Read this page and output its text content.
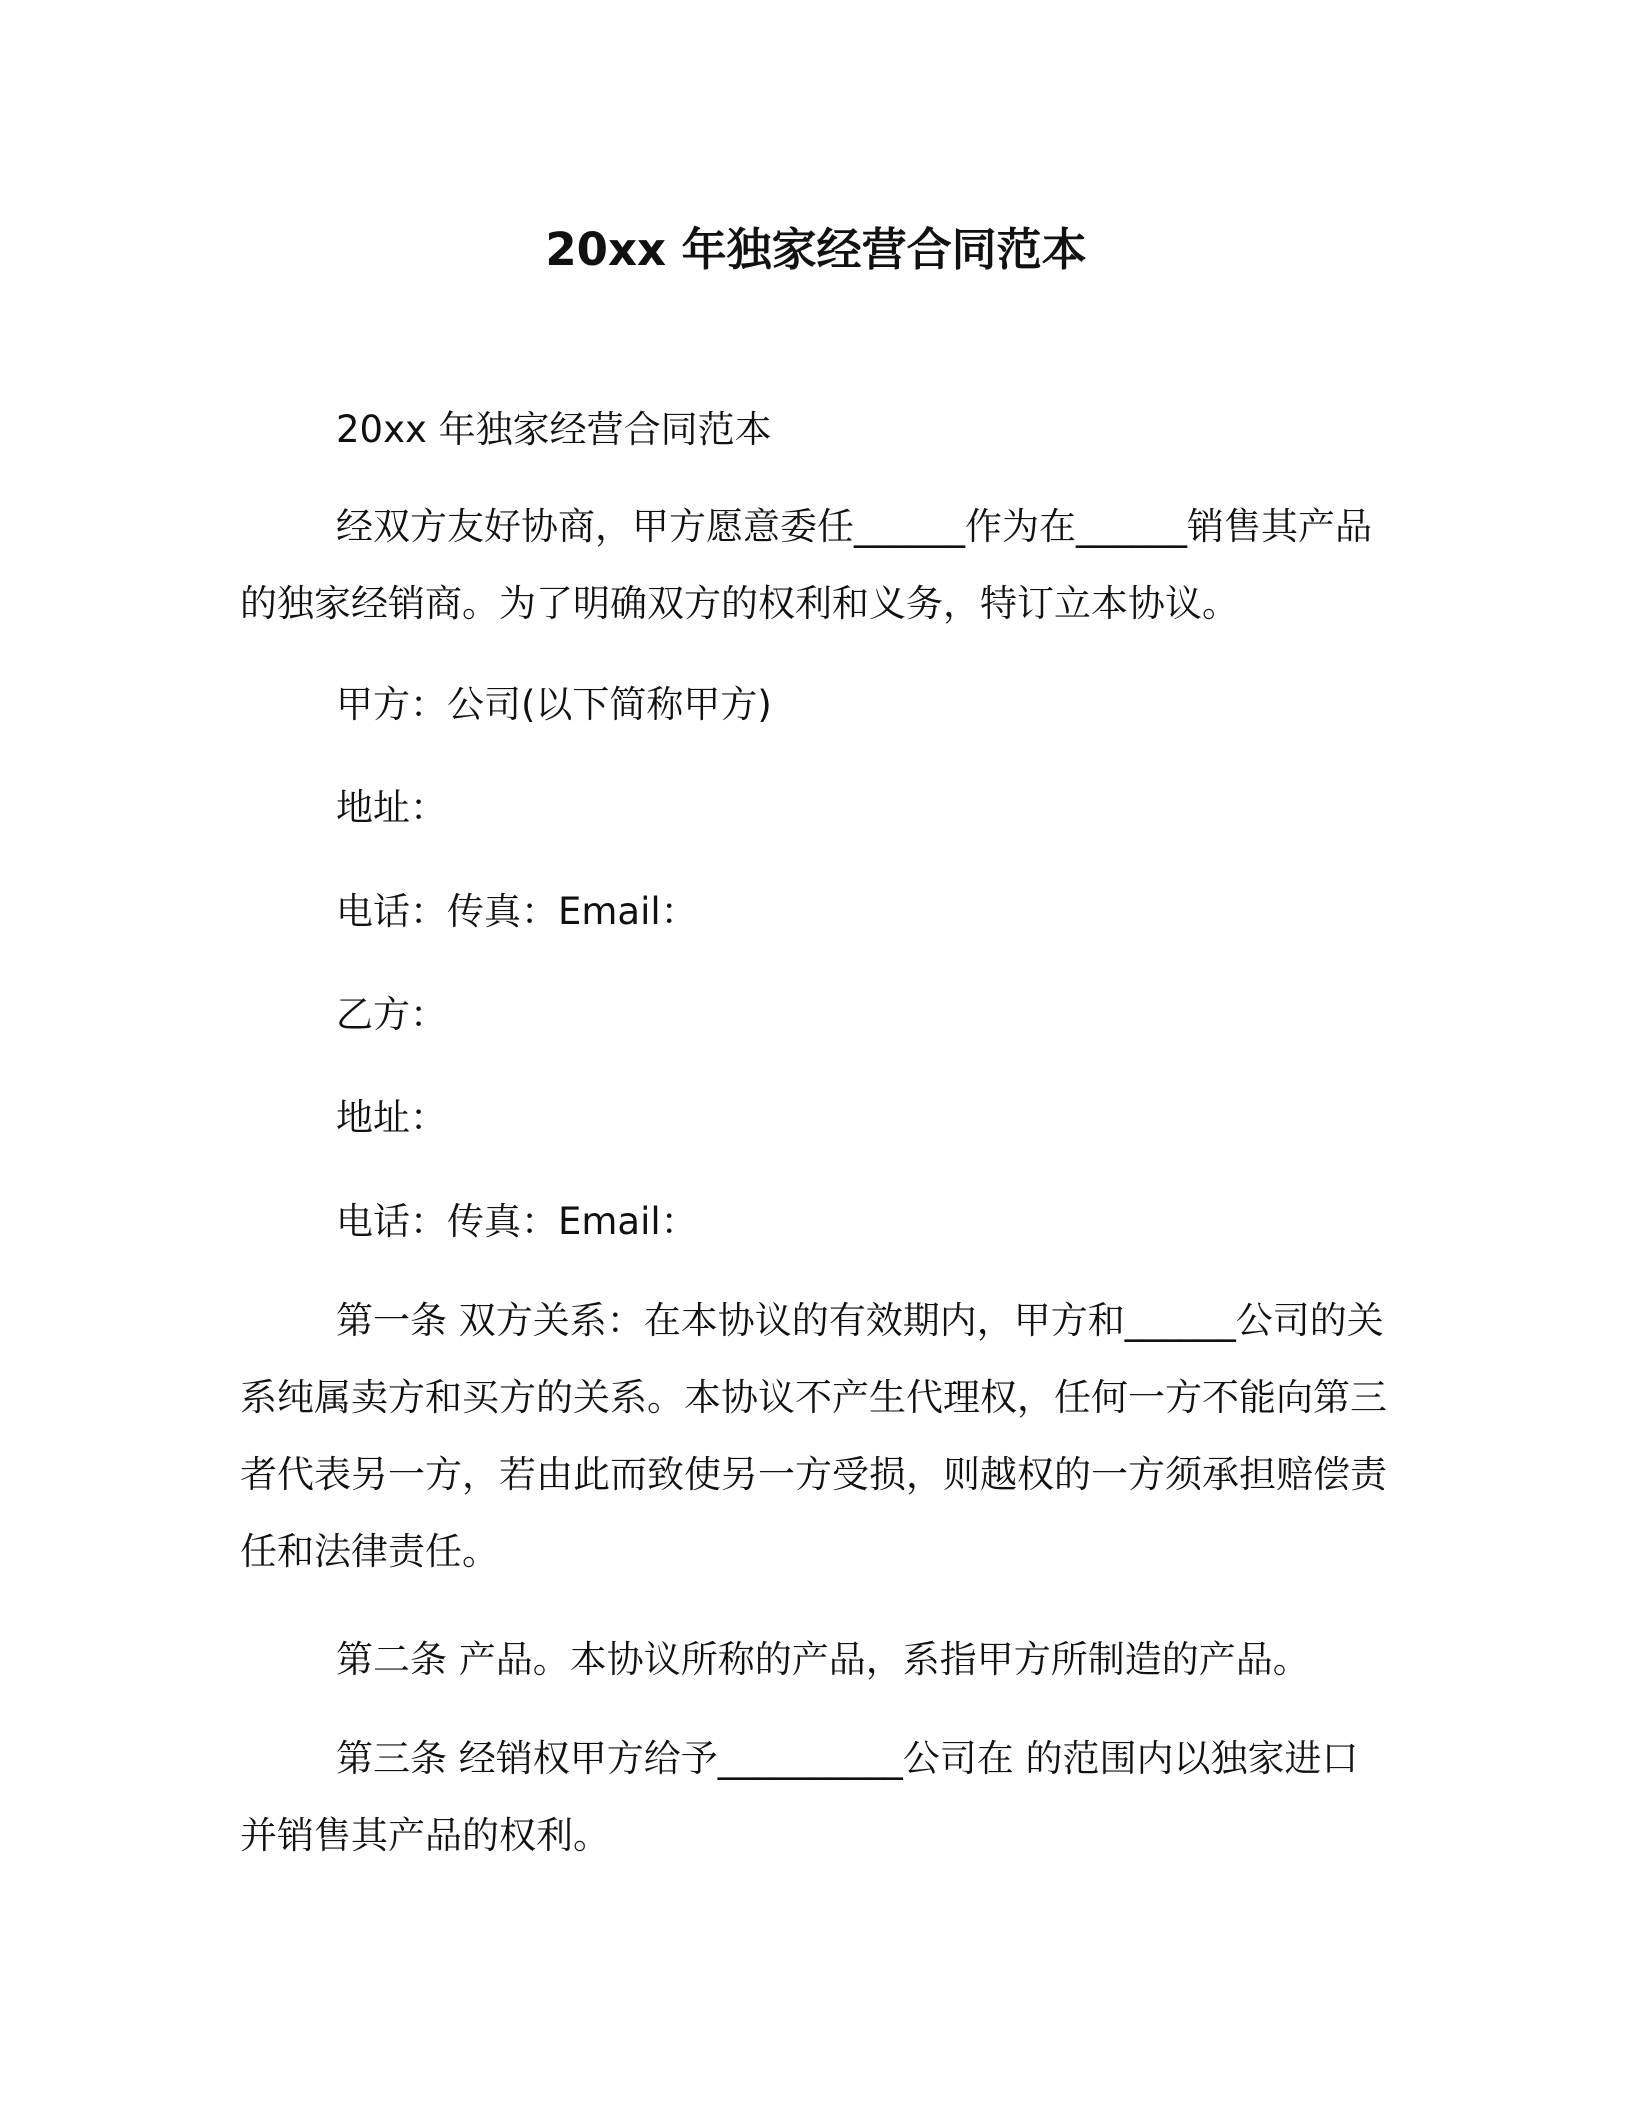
20xx 年独家经营合同范本
20xx 年独家经营合同范本
经双方友好协商，甲方愿意委任______作为在______销售其产品的独家经销商。为了明确双方的权利和义务，特订立本协议。
甲方：公司(以下简称甲方)
地址：
电话：传真：Email：
乙方：
地址：
电话：传真：Email：
第一条 双方关系：在本协议的有效期内，甲方和______公司的关系纯属卖方和买方的关系。本协议不产生代理权，任何一方不能向第三者代表另一方，若由此而致使另一方受损，则越权的一方须承担赔偿责任和法律责任。
第二条 产品。本协议所称的产品，系指甲方所制造的产品。
第三条 经销权甲方给予__________公司在 的范围内以独家进口并销售其产品的权利。
